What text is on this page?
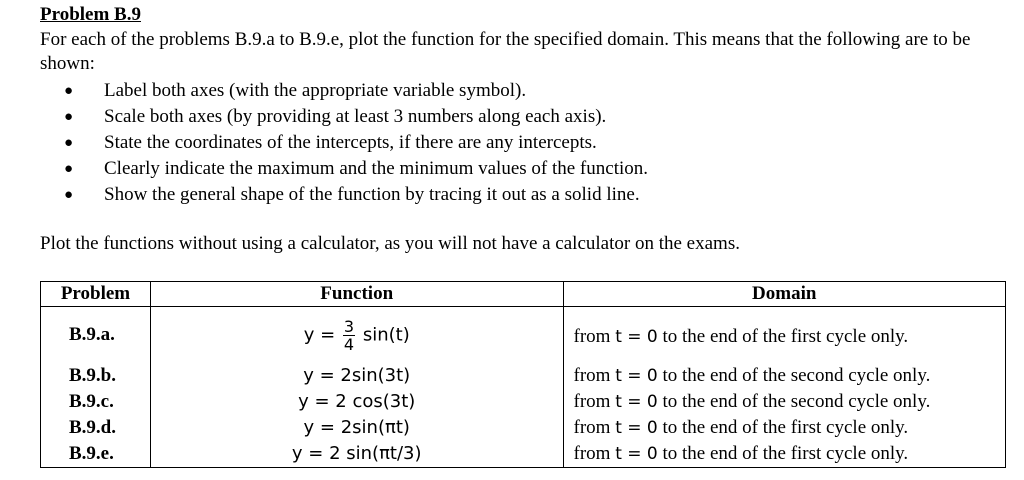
Problem B.9

For each of the problems B.9.a to B.9.e, plot the function for the specified domain. This means that the following are to be shown:

● Label both axes (with the appropriate variable symbol).
● Scale both axes (by providing at least 3 numbers along each axis).
● State the coordinates of the intercepts, if there are any intercepts.
● Clearly indicate the maximum and the minimum values of the function.
● Show the general shape of the function by tracing it out as a solid line.

Plot the functions without using a calculator, as you will not have a calculator on the exams.

Problem	Function	Domain
B.9.a.	$y = \frac{3}{4} \sin(t)$	from t = 0 to the end of the first cycle only.
B.9.b.	y = 2sin(3t)	from t = 0 to the end of the second cycle only.
B.9.c.	y = 2 cos(3t)	from t = 0 to the end of the second cycle only.
B.9.d.	y = 2sin(πt)	from t = 0 to the end of the first cycle only.
B.9.e.	y = 2 sin(πt/3)	from t = 0 to the end of the first cycle only.
